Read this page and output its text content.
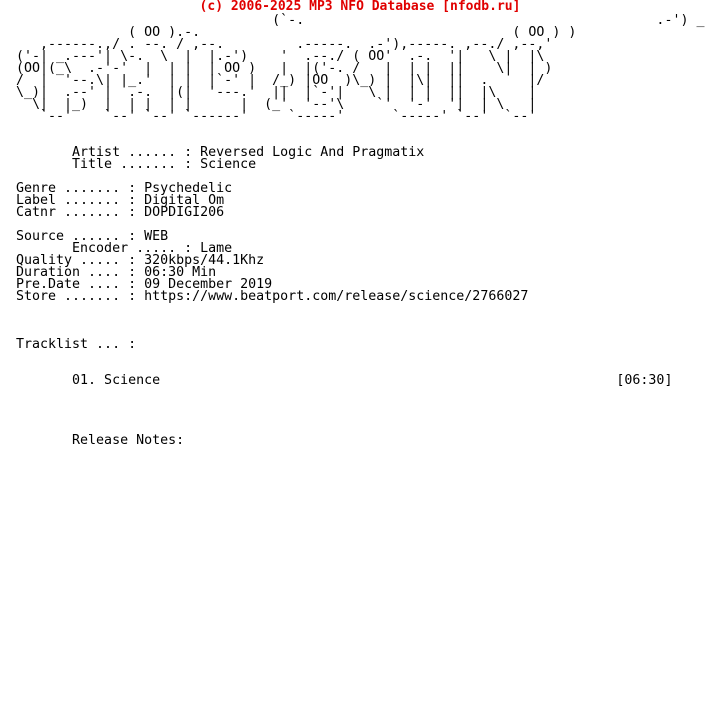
(c) 2006-2025 MP3 NFO Database [nfodb.ru]
(`-.                                            .-') _
( OO ).-.                                       ( OO ) )
,------.,/ . --. / ,--.         .-----.  .-'),-----. ,--./ ,--,'
('-| _.---'| \-.  \  |  |.-')    '  .--./ ( OO'  .-.  '|   \ |  |\
(OO|(_\  .-'-'  |  | |  | OO )   |  |('-. /   |  | |  ||    \|  | )
/  |  '--.\| |_.'  | |  |`-' |  /_) |OO  )\_) |  |\|  ||  .     |/
\_)|  .--' |  .-.  |(|  '---.'  ||  |`-'|   \ |  | |  ||  |\    |
\|  |_)  |  | |  | |      |  (_'  '--'\    `'  '-'  '|  | \   |
`--'    `--' `--' `------'     `-----'      `-----' `--'  `--'

Artist ...... : Reversed Logic And Pragmatix
Title ....... : Science

Genre ....... : Psychedelic
Label ....... : Digital Om
Catnr ....... : DOPDIGI206

Source ...... : WEB
Encoder ..... : Lame
Quality ..... : 320kbps/44.1Khz
Duration .... : 06:30 Min
Pre.Date .... : 09 December 2019
Store ....... : https://www.beatport.com/release/science/2766027

Tracklist ... :

01. Science                                                         [06:30]

Release Notes:
